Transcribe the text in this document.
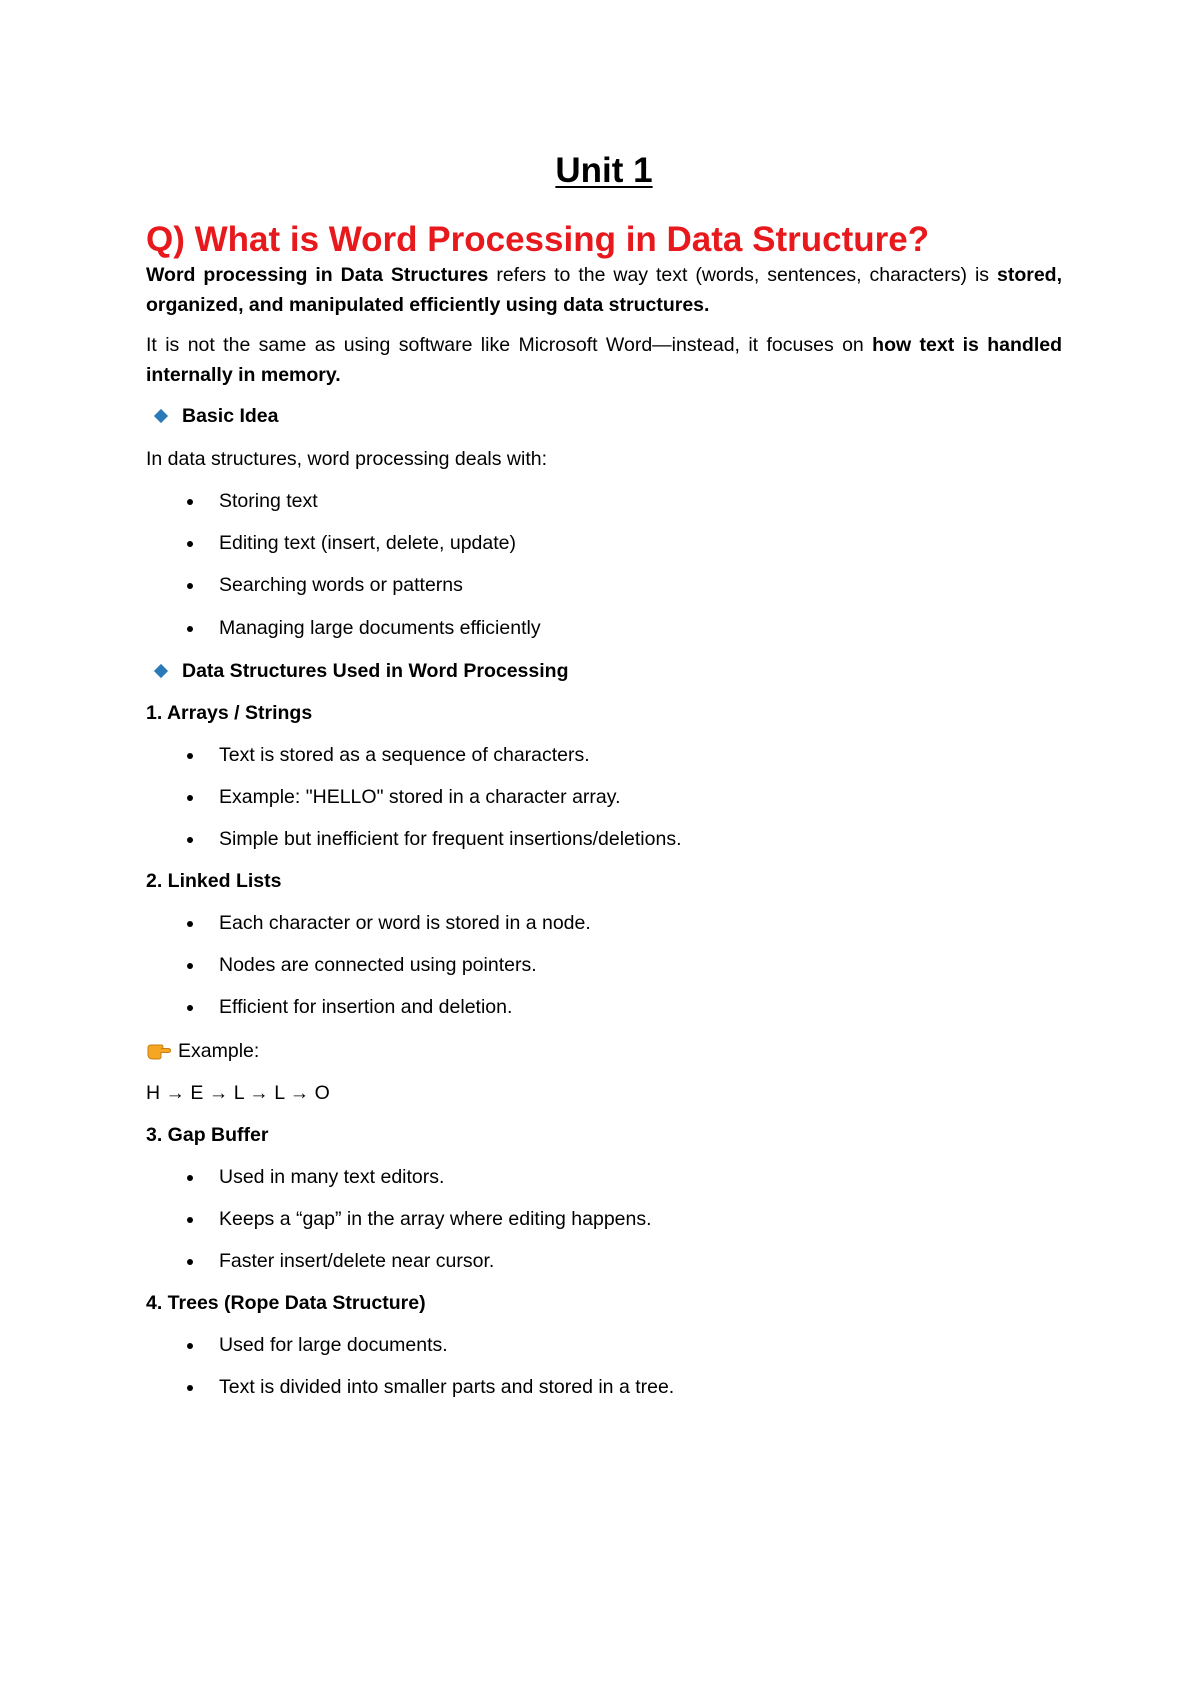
Unit 1
Q) What is Word Processing in Data Structure?

Word processing in Data Structures refers to the way text (words, sentences, characters) is stored, organized, and manipulated efficiently using data structures.

It is not the same as using software like Microsoft Word—instead, it focuses on how text is handled internally in memory.

Basic Idea

In data structures, word processing deals with:

Storing text
Editing text (insert, delete, update)
Searching words or patterns
Managing large documents efficiently
Data Structures Used in Word Processing

1. Arrays / Strings

Text is stored as a sequence of characters.
Example: "HELLO" stored in a character array.
Simple but inefficient for frequent insertions/deletions.

2. Linked Lists

Each character or word is stored in a node.
Nodes are connected using pointers.
Efficient for insertion and deletion.

Example:

H → E → L → L → O

3. Gap Buffer

Used in many text editors.
Keeps a “gap” in the array where editing happens.
Faster insert/delete near cursor.

4. Trees (Rope Data Structure)

Used for large documents.
Text is divided into smaller parts and stored in a tree.
